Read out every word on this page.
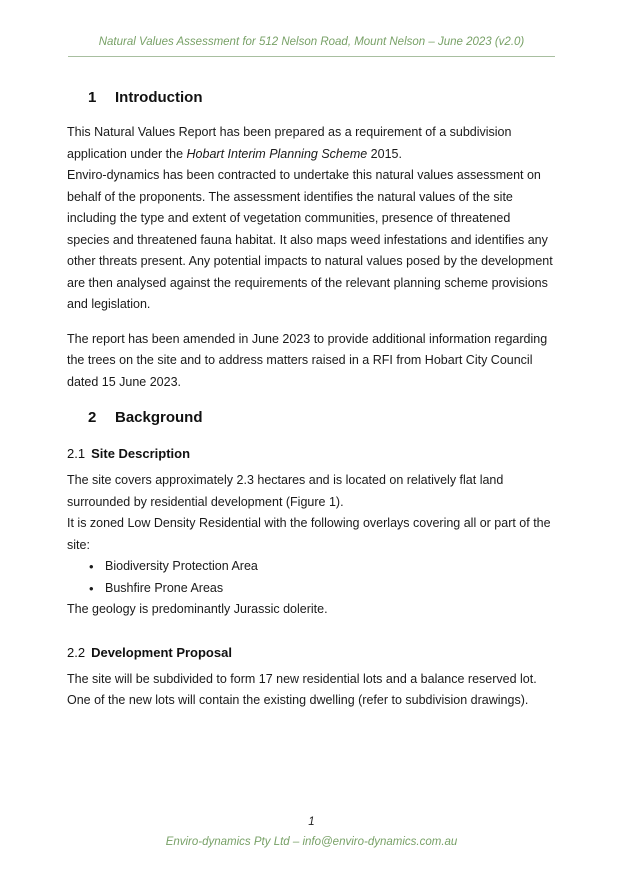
Natural Values Assessment for 512 Nelson Road, Mount Nelson – June 2023 (v2.0)
1 Introduction

This Natural Values Report has been prepared as a requirement of a subdivision application under the Hobart Interim Planning Scheme 2015.

Enviro-dynamics has been contracted to undertake this natural values assessment on behalf of the proponents. The assessment identifies the natural values of the site including the type and extent of vegetation communities, presence of threatened species and threatened fauna habitat. It also maps weed infestations and identifies any other threats present. Any potential impacts to natural values posed by the development are then analysed against the requirements of the relevant planning scheme provisions and legislation.

The report has been amended in June 2023 to provide additional information regarding the trees on the site and to address matters raised in a RFI from Hobart City Council dated 15 June 2023.

2 Background
2.1 Site Description

The site covers approximately 2.3 hectares and is located on relatively flat land surrounded by residential development (Figure 1).

It is zoned Low Density Residential with the following overlays covering all or part of the site:

• Biodiversity Protection Area
• Bushfire Prone Areas

The geology is predominantly Jurassic dolerite.

2.2 Development Proposal

The site will be subdivided to form 17 new residential lots and a balance reserved lot. One of the new lots will contain the existing dwelling (refer to subdivision drawings).

1
Enviro-dynamics Pty Ltd – info@enviro-dynamics.com.au
